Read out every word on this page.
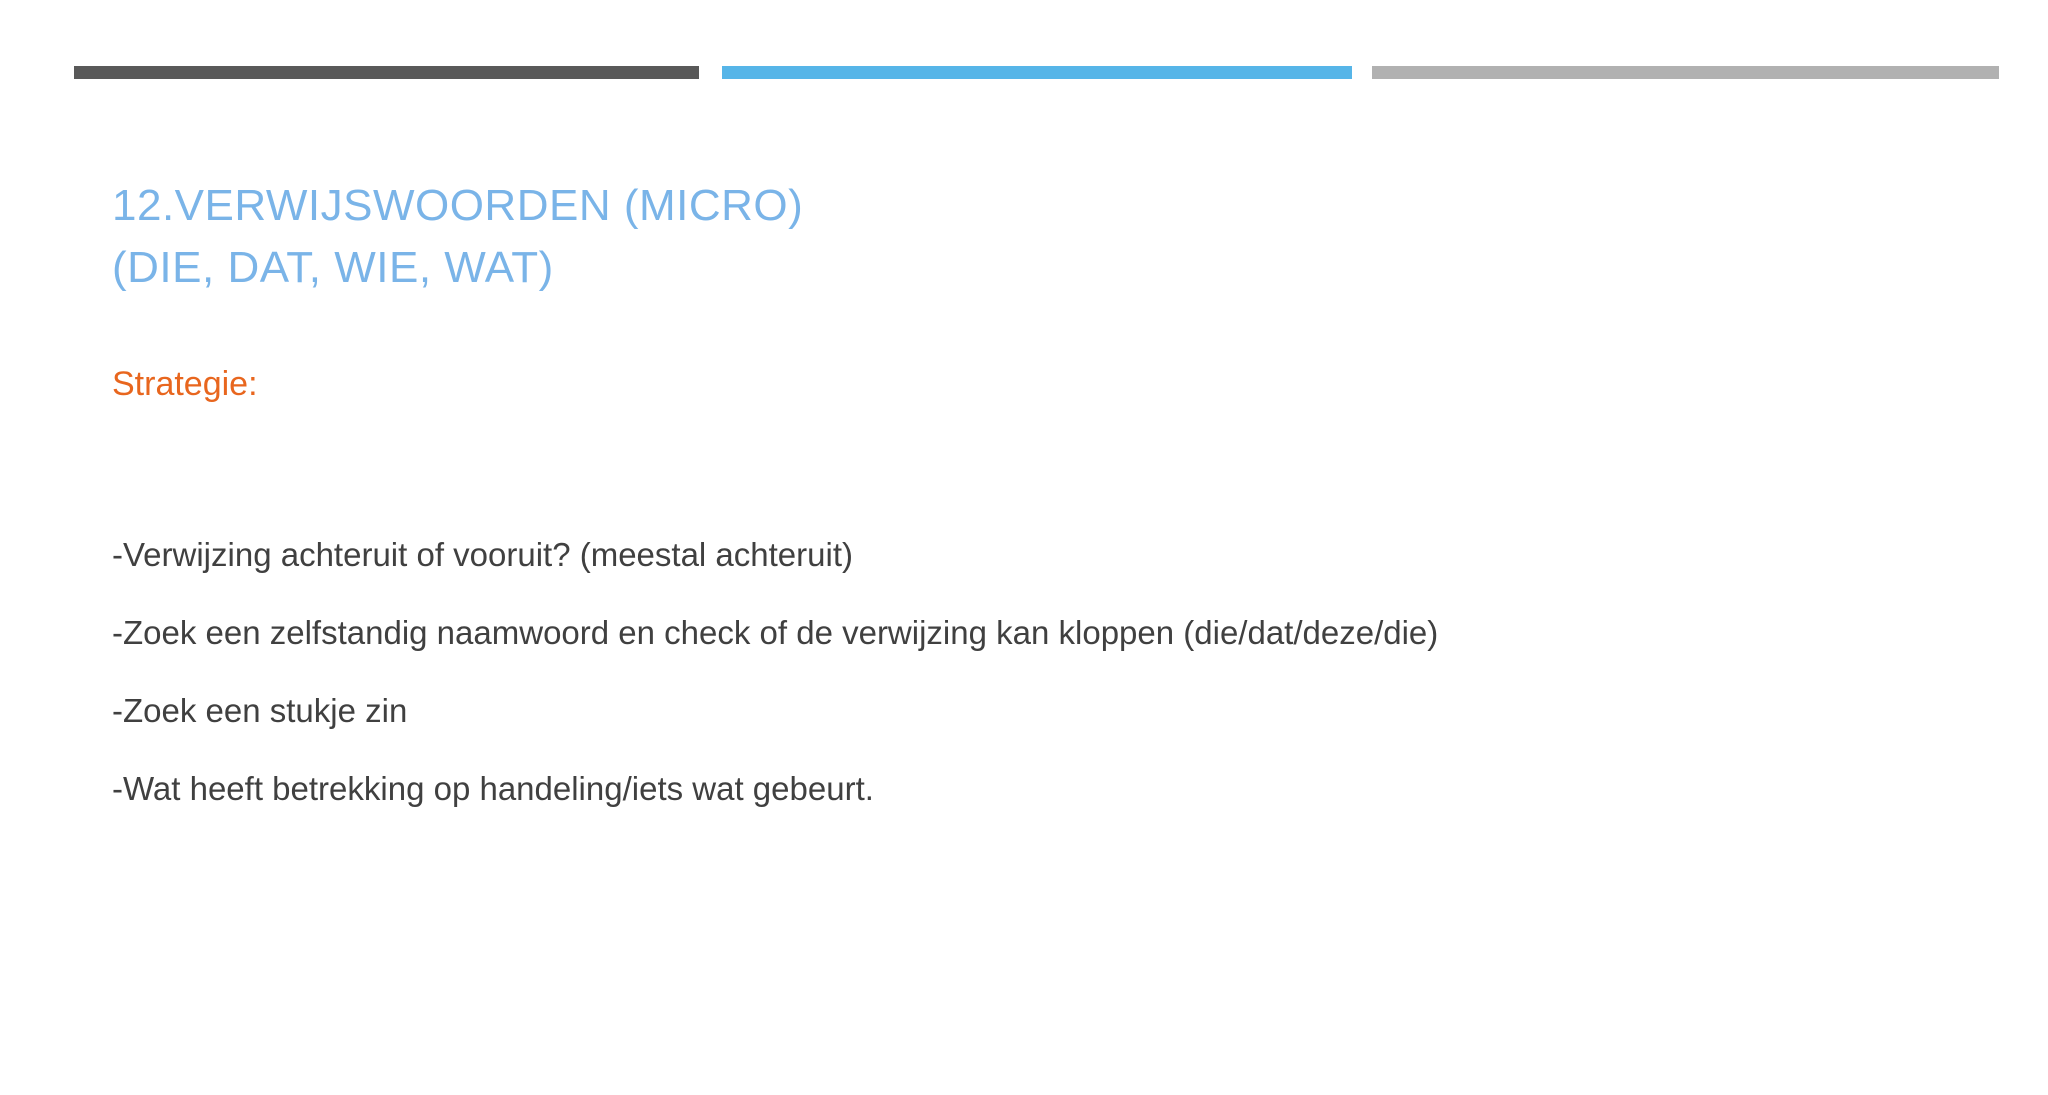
12.VERWIJSWOORDEN (MICRO)
(DIE, DAT, WIE, WAT)
Strategie:
-Verwijzing achteruit of vooruit? (meestal achteruit)
-Zoek een zelfstandig naamwoord en check of de verwijzing kan kloppen (die/dat/deze/die)
-Zoek een stukje zin
-Wat heeft betrekking op handeling/iets wat gebeurt.
